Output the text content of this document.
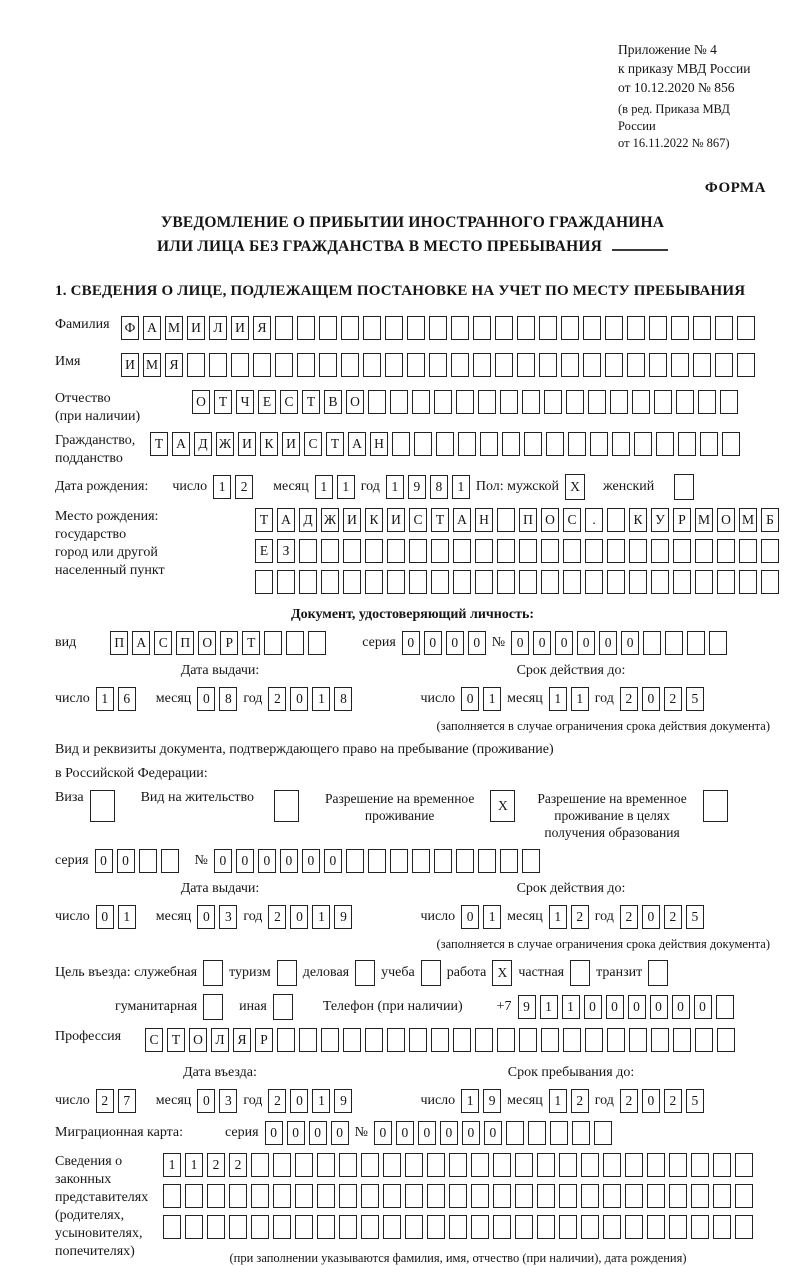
Приложение № 4
к приказу МВД России
от 10.12.2020 № 856
(в ред. Приказа МВД России
от 16.11.2022 № 867)
ФОРМА
УВЕДОМЛЕНИЕ О ПРИБЫТИИ ИНОСТРАННОГО ГРАЖДАНИНА
ИЛИ ЛИЦА БЕЗ ГРАЖДАНСТВА В МЕСТО ПРЕБЫВАНИЯ
1. СВЕДЕНИЯ О ЛИЦЕ, ПОДЛЕЖАЩЕМ ПОСТАНОВКЕ НА УЧЕТ ПО МЕСТУ ПРЕБЫВАНИЯ
Фамилия	Ф А М И Л И Я
Имя	И М Я
Отчество
(при наличии)
О Т Ч Е С Т В О
Гражданство,
подданство
Т А Д Ж И К И С Т А Н
Дата рождения: число 1	2	месяц 1	1 год 1	9	8	1 Пол: мужской X	женский
Место рождения:
государство
город или другой
населенный пункт
Т А Д Ж И К И С Т А Н	П О С	.	К У Р М О М Б
Е	З
Документ, удостоверяющий личность:
вид	П А С П О Р	Т	серия 0	0	0	0 № 0	0	0	0	0	0
Дата выдачи:	Срок действия до:
число 1	6	месяц 0	8 год 2	0	1	8	число 0	1 месяц 1	1 год 2	0	2	5
(заполняется в случае ограничения срока действия документа)
Вид и реквизиты документа, подтверждающего право на пребывание (проживание)
в Российской Федерации:
Виза	Вид на жительство	Разрешение на временное
проживание
X	Разрешение на временное
проживание в целях
получения образования
серия 0	0	№ 0	0	0	0	0	0
Дата выдачи:	Срок действия до:
число 0	1	месяц 0	3 год 2	0	1	9	число 0	1 месяц 1	2 год 2	0	2	5
(заполняется в случае ограничения срока действия документа)
Цель въезда: служебная туризм деловая учеба работа X частная транзит
гуманитарная	иная	Телефон (при наличии) +7 9	1	1	0	0	0	0	0	0
Профессия	С Т О Л Я	Р
Дата въезда:	Срок пребывания до:
число 2	7	месяц 0	3 год 2	0	1	9	число 1	9 месяц 1	2 год 2	0	2	5
Миграционная карта:	серия 0	0	0	0 № 0	0	0	0	0	0
Сведения о
законных
представителях
(родителях,
усыновителях,
попечителях)
1	1	2	2
(при заполнении указываются фамилия, имя, отчество (при наличии), дата рождения)
